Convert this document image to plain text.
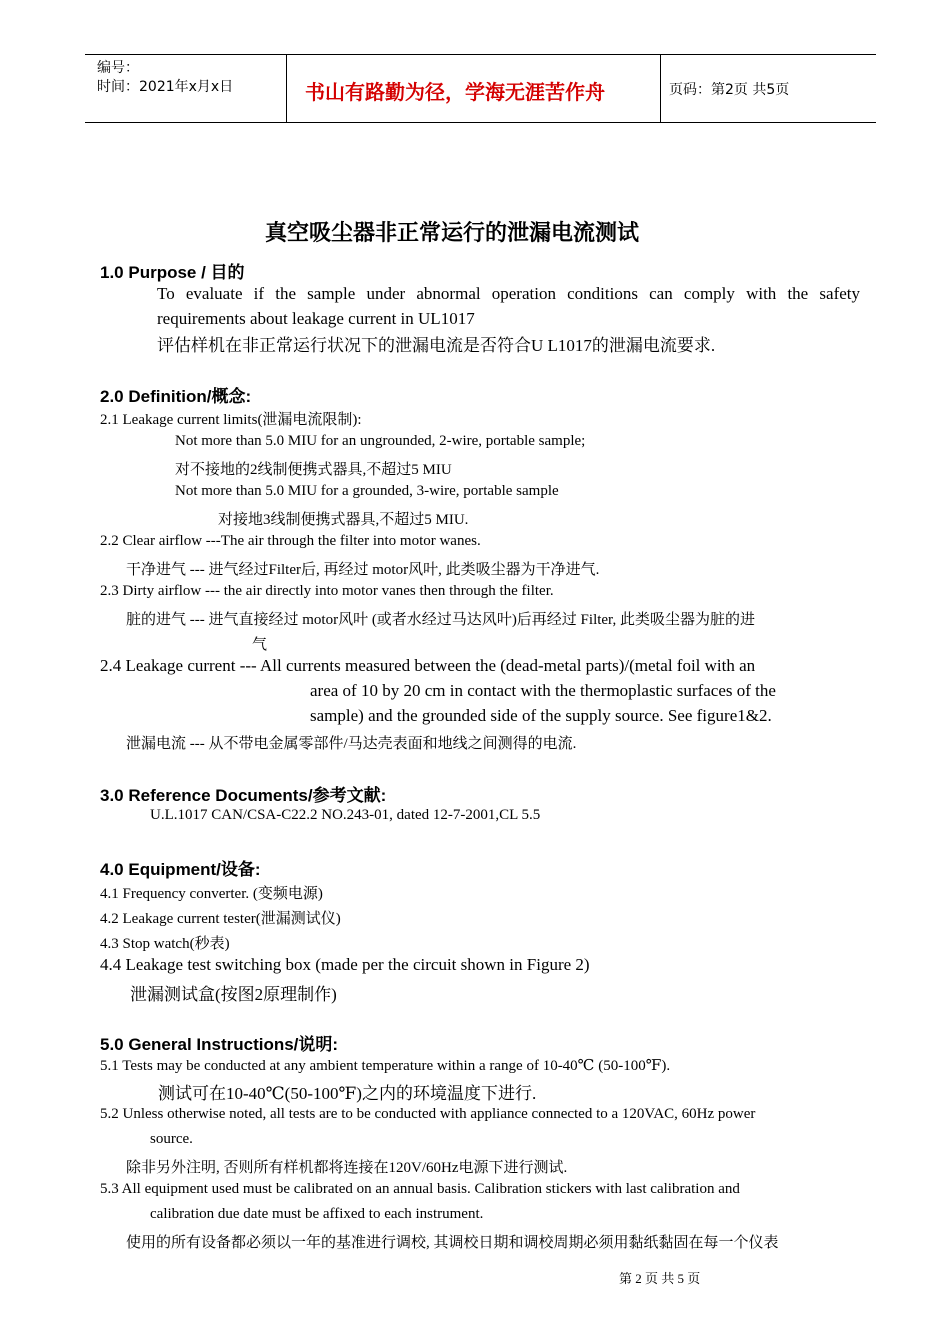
编号：
时间：2021年x月x日	书山有路勤为径，学海无涯苦作舟	页码：第2页 共5页
真空吸尘器非正常运行的泄漏电流测试
1.0 Purpose / 目的
To evaluate if the sample under abnormal operation conditions can comply with the safety requirements about leakage current in UL1017
评估样机在非正常运行状况下的泄漏电流是否符合U L1017的泄漏电流要求.
2.0 Definition/概念:
2.1 Leakage current limits(泄漏电流限制):
Not more than 5.0 MIU for an ungrounded, 2-wire, portable sample;
对不接地的2线制便携式器具,不超过5 MIU
Not more than 5.0 MIU for a grounded, 3-wire, portable sample
对接地3线制便携式器具,不超过5 MIU.
2.2 Clear airflow ---The air through the filter into motor wanes.
干净进气 --- 进气经过Filter后, 再经过 motor风叶, 此类吸尘器为干净进气.
2.3 Dirty airflow --- the air directly into motor vanes then through the filter.
脏的进气 --- 进气直接经过 motor风叶 (或者水经过马达风叶)后再经过 Filter, 此类吸尘器为脏的进
气
2.4 Leakage current --- All currents measured between the (dead-metal parts)/(metal foil with an
area of 10 by 20 cm in contact with the thermoplastic surfaces of the
sample) and the grounded side of the supply source. See figure1&2.
泄漏电流 --- 从不带电金属零部件/马达壳表面和地线之间测得的电流.
3.0 Reference Documents/参考文献:
U.L.1017 CAN/CSA-C22.2 NO.243-01, dated 12-7-2001,CL 5.5
4.0 Equipment/设备:
4.1 Frequency converter. (变频电源)
4.2 Leakage current tester(泄漏测试仪)
4.3 Stop watch(秒表)
4.4 Leakage test switching box (made per the circuit shown in Figure 2)
泄漏测试盒(按图2原理制作)
5.0 General Instructions/说明:
5.1 Tests may be conducted at any ambient temperature within a range of 10-40℃ (50-100℉).
测试可在10-40℃(50-100℉)之内的环境温度下进行.
5.2 Unless otherwise noted, all tests are to be conducted with appliance connected to a 120VAC, 60Hz power
source.
除非另外注明, 否则所有样机都将连接在120V/60Hz电源下进行测试.
5.3 All equipment used must be calibrated on an annual basis. Calibration stickers with last calibration and
calibration due date must be affixed to each instrument.
使用的所有设备都必须以一年的基准进行调校, 其调校日期和调校周期必须用黏纸黏固在每一个仪表
第 2 页 共 5 页
